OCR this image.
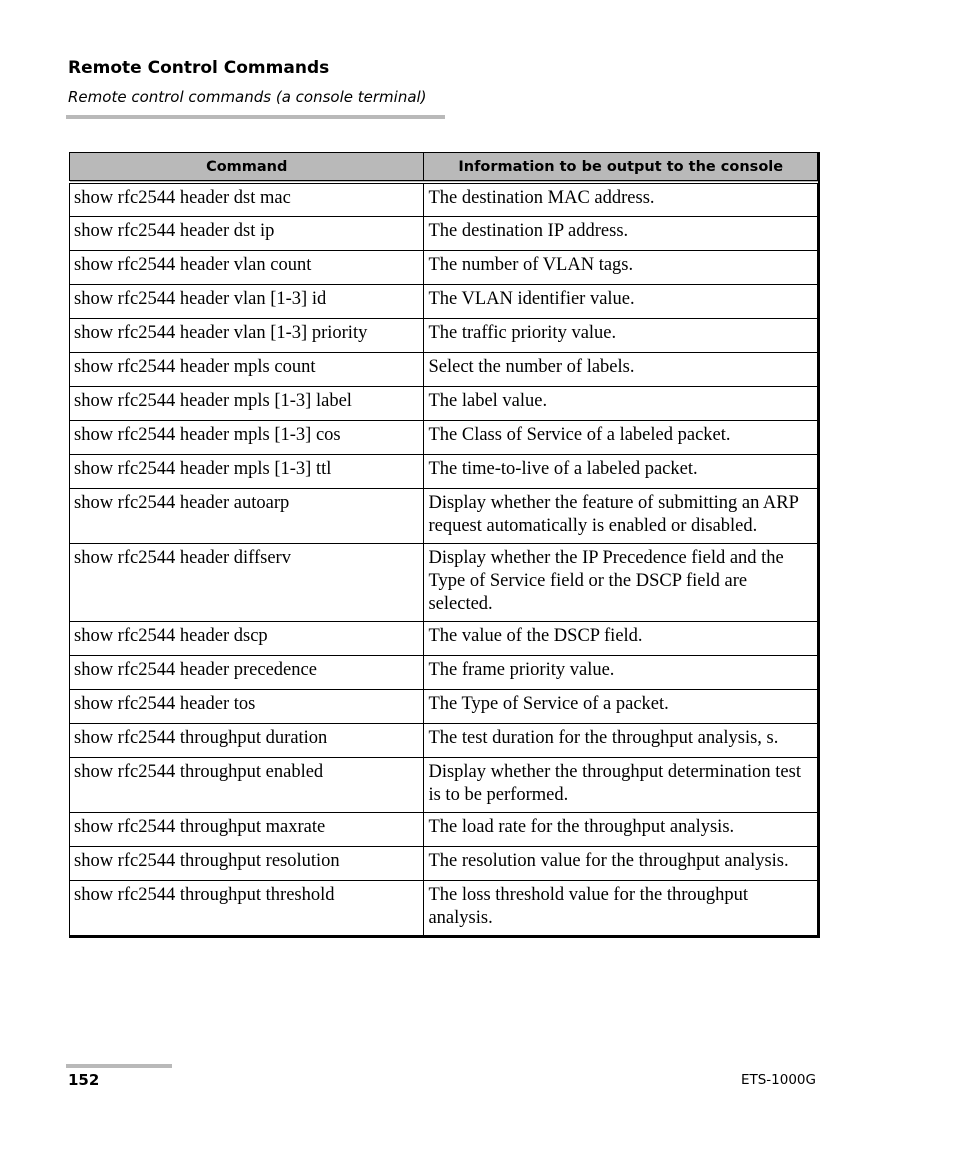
Remote Control Commands
Remote control commands (a console terminal)
Command	Information to be output to the console
show rfc2544 header dst mac	The destination MAC address.
show rfc2544 header dst ip	The destination IP address.
show rfc2544 header vlan count	The number of VLAN tags.
show rfc2544 header vlan [1-3] id	The VLAN identifier value.
show rfc2544 header vlan [1-3] priority	The traffic priority value.
show rfc2544 header mpls count	Select the number of labels.
show rfc2544 header mpls [1-3] label	The label value.
show rfc2544 header mpls [1-3] cos	The Class of Service of a labeled packet.
show rfc2544 header mpls [1-3] ttl	The time-to-live of a labeled packet.
show rfc2544 header autoarp	Display whether the feature of submitting an ARP request automatically is enabled or disabled.
show rfc2544 header diffserv	Display whether the IP Precedence field and the Type of Service field or the DSCP field are selected.
show rfc2544 header dscp	The value of the DSCP field.
show rfc2544 header precedence	The frame priority value.
show rfc2544 header tos	The Type of Service of a packet.
show rfc2544 throughput duration	The test duration for the throughput analysis, s.
show rfc2544 throughput enabled	Display whether the throughput determination test is to be performed.
show rfc2544 throughput maxrate	The load rate for the throughput analysis.
show rfc2544 throughput resolution	The resolution value for the throughput analysis.
show rfc2544 throughput threshold	The loss threshold value for the throughput analysis.
152	ETS-1000G
